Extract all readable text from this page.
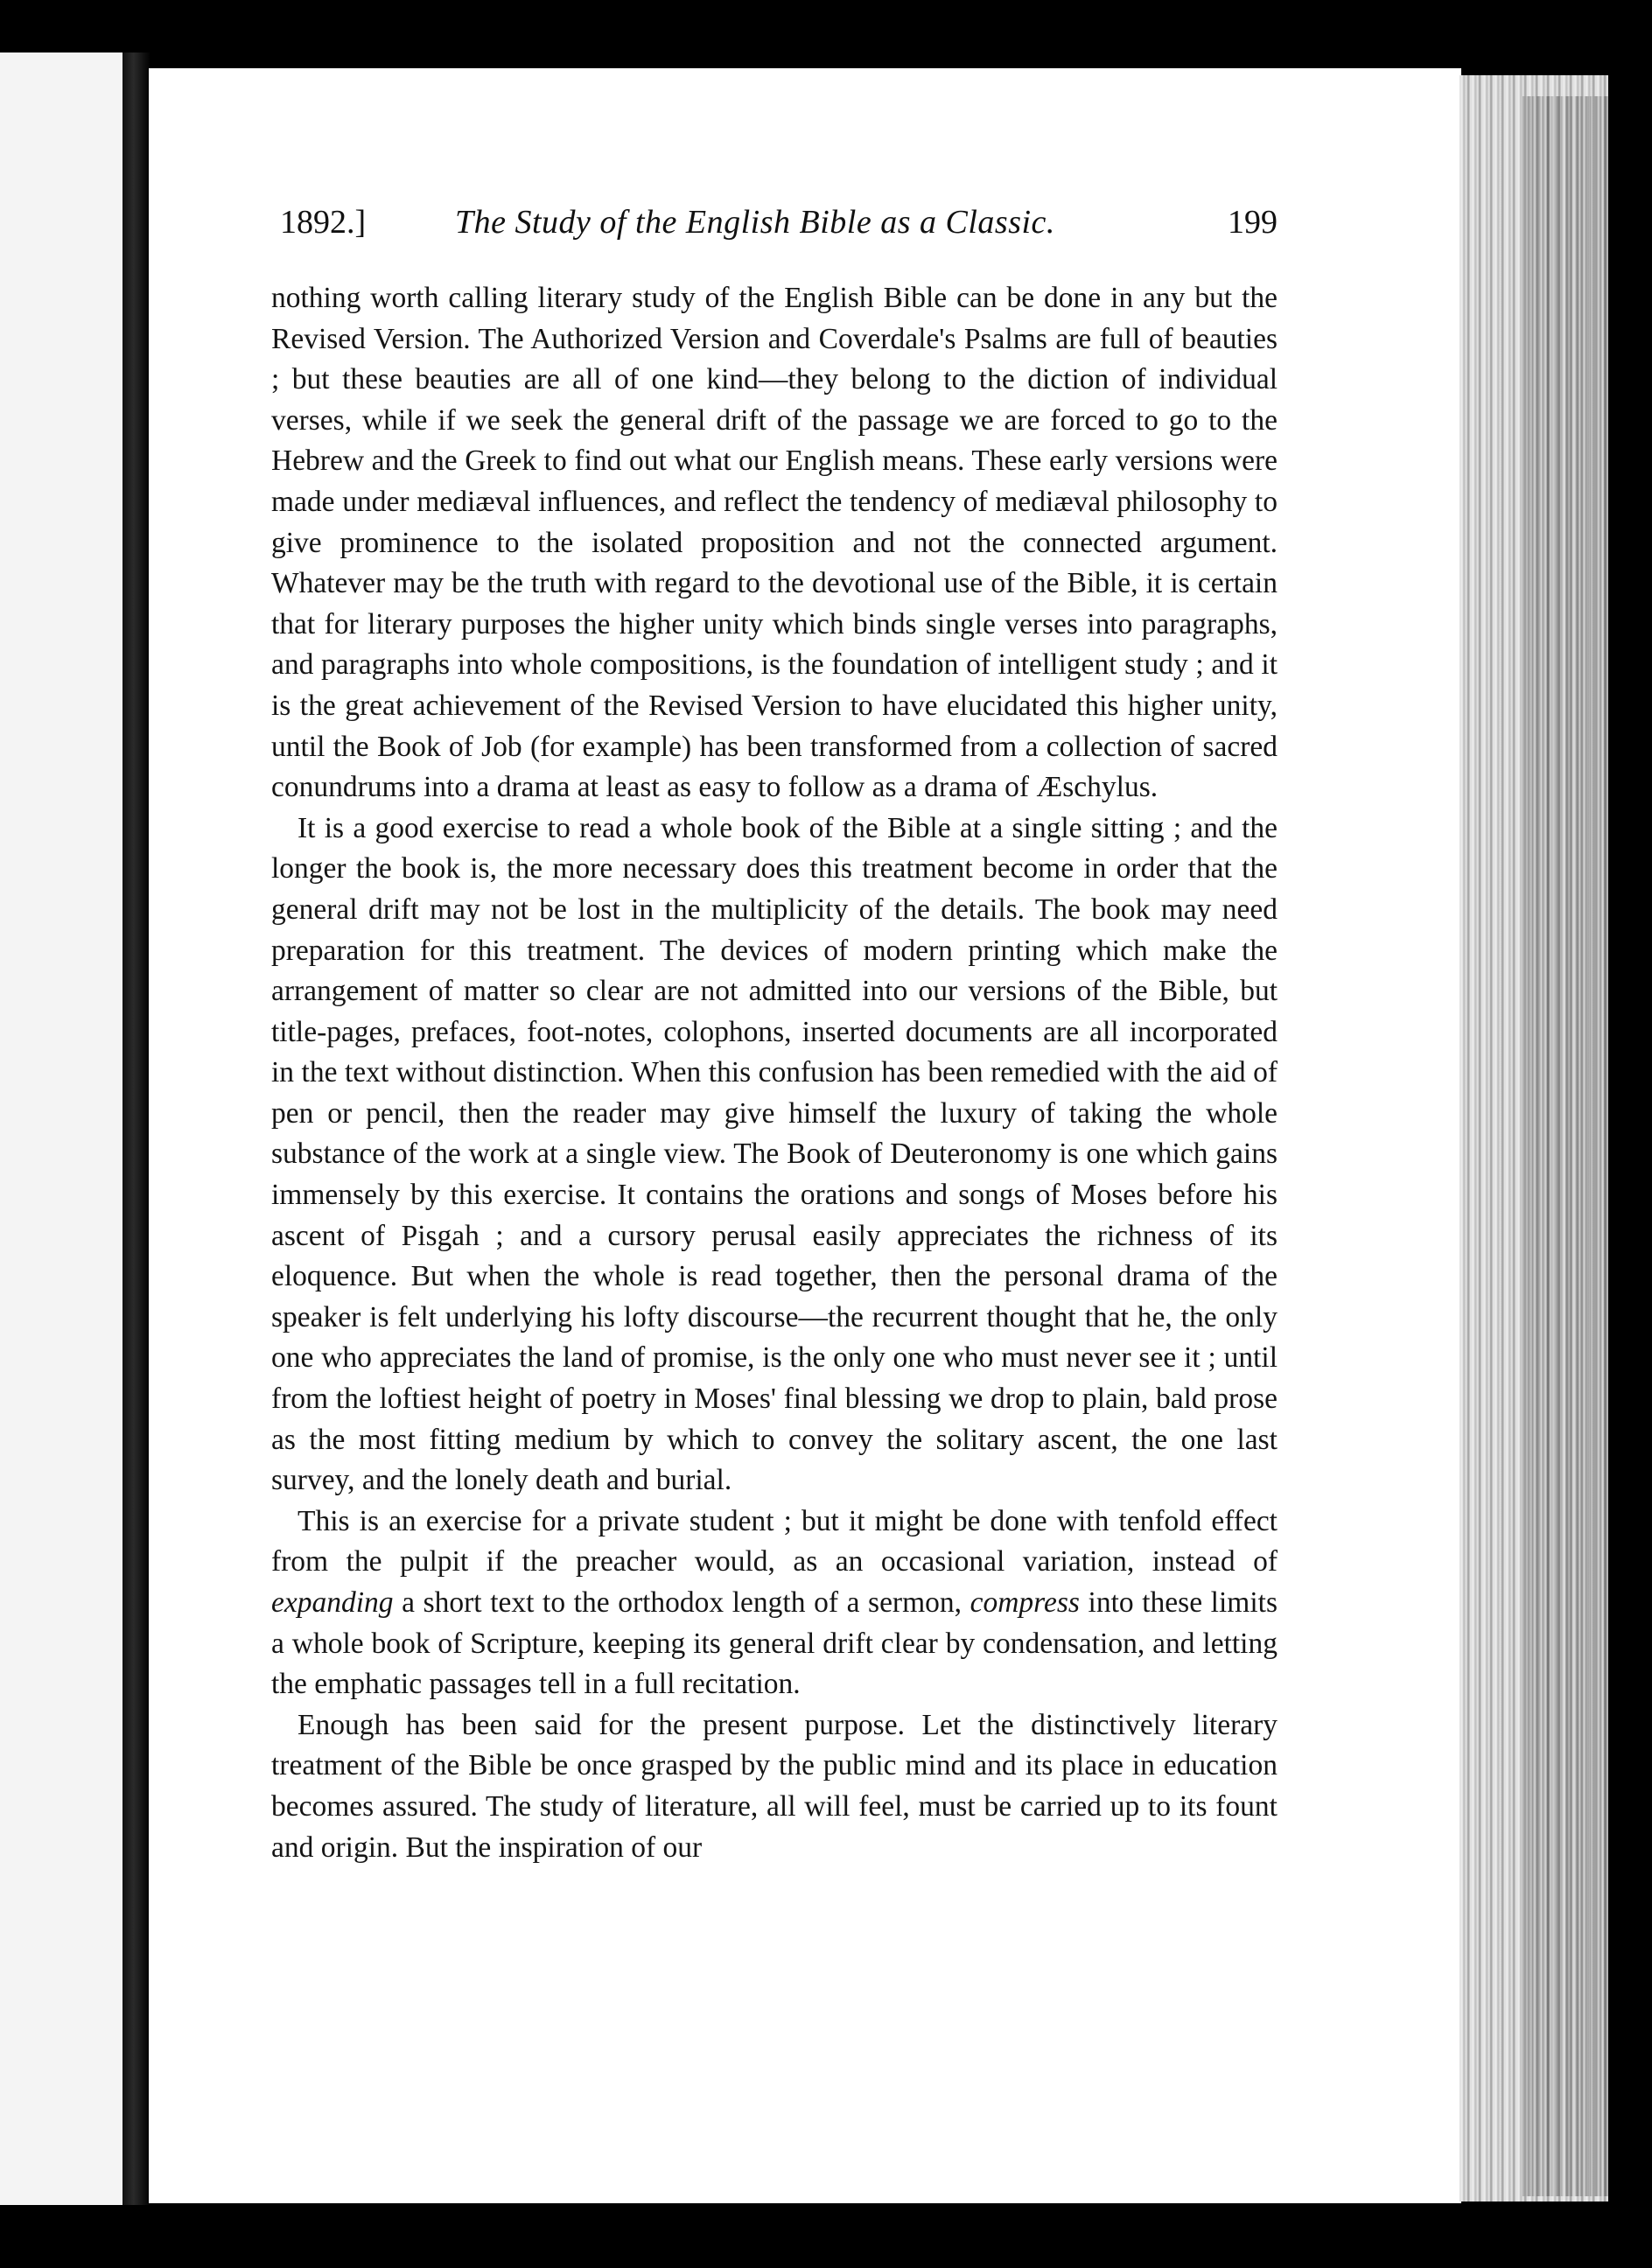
1892.]	The Study of the English Bible as a Classic.	199

nothing worth calling literary study of the English Bible can be done in any but the Revised Version. The Authorized Version and Coverdale's Psalms are full of beauties ; but these beauties are all of one kind—they belong to the diction of individual verses, while if we seek the general drift of the passage we are forced to go to the Hebrew and the Greek to find out what our English means. These early versions were made under mediæval influences, and reflect the tendency of mediæval philosophy to give prominence to the isolated proposition and not the connected argument. Whatever may be the truth with regard to the devotional use of the Bible, it is certain that for literary purposes the higher unity which binds single verses into paragraphs, and paragraphs into whole compositions, is the foundation of intelligent study ; and it is the great achievement of the Revised Version to have elucidated this higher unity, until the Book of Job (for example) has been transformed from a collection of sacred conundrums into a drama at least as easy to follow as a drama of Æschylus.

It is a good exercise to read a whole book of the Bible at a single sitting ; and the longer the book is, the more necessary does this treatment become in order that the general drift may not be lost in the multiplicity of the details. The book may need preparation for this treatment. The devices of modern printing which make the arrangement of matter so clear are not admitted into our versions of the Bible, but title-pages, prefaces, foot-notes, colophons, inserted documents are all incorporated in the text without distinction. When this confusion has been remedied with the aid of pen or pencil, then the reader may give himself the luxury of taking the whole substance of the work at a single view. The Book of Deuteronomy is one which gains immensely by this exercise. It contains the orations and songs of Moses before his ascent of Pisgah ; and a cursory perusal easily appreciates the richness of its eloquence. But when the whole is read together, then the personal drama of the speaker is felt underlying his lofty discourse—the recurrent thought that he, the only one who appreciates the land of promise, is the only one who must never see it ; until from the loftiest height of poetry in Moses' final blessing we drop to plain, bald prose as the most fitting medium by which to convey the solitary ascent, the one last survey, and the lonely death and burial.

This is an exercise for a private student ; but it might be done with tenfold effect from the pulpit if the preacher would, as an occasional variation, instead of expanding a short text to the orthodox length of a sermon, compress into these limits a whole book of Scripture, keeping its general drift clear by condensation, and letting the emphatic passages tell in a full recitation.

Enough has been said for the present purpose. Let the distinctively literary treatment of the Bible be once grasped by the public mind and its place in education becomes assured. The study of literature, all will feel, must be carried up to its fount and origin. But the inspiration of our
